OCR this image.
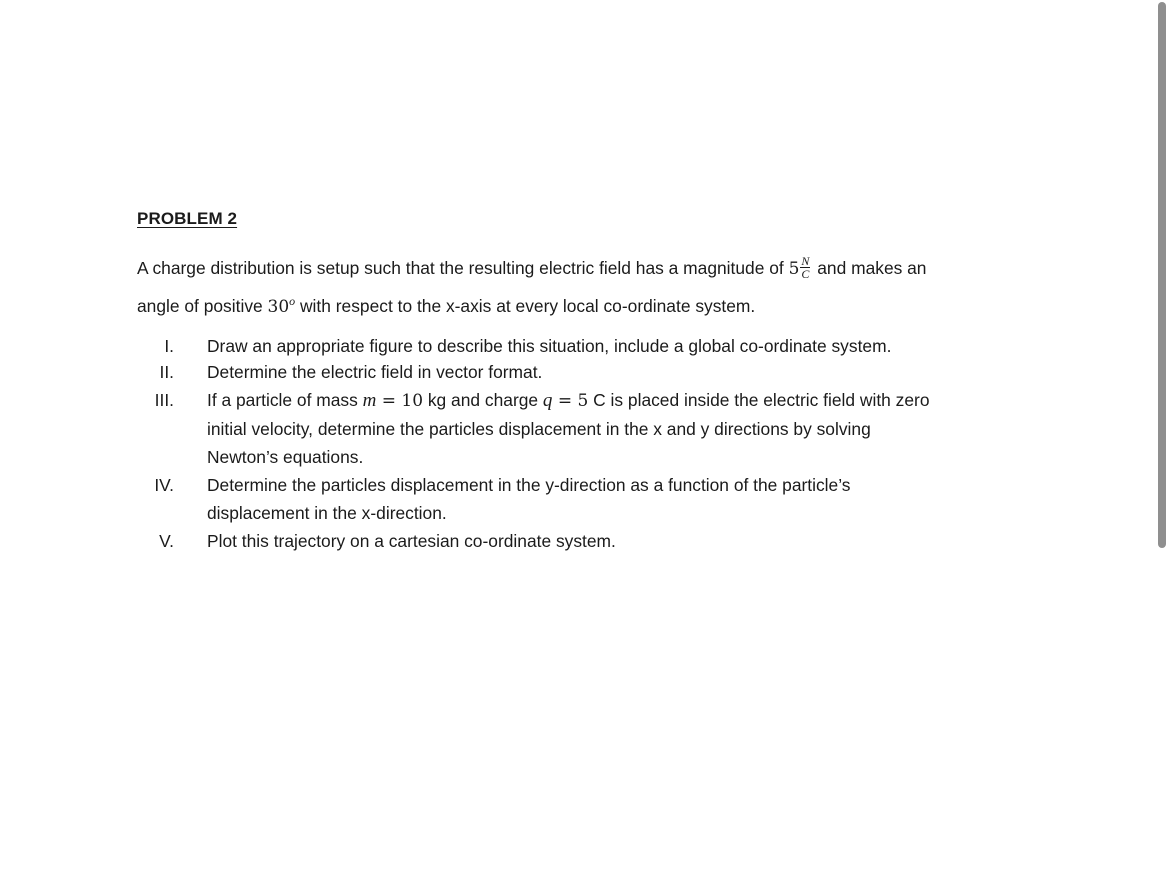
PROBLEM 2
A charge distribution is setup such that the resulting electric field has a magnitude of $5 \frac{N}{C}$ and makes an
angle of positive 30$^o$ with respect to the x-axis at every local co-ordinate system.
I. Draw an appropriate figure to describe this situation, include a global co-ordinate system.
II. Determine the electric field in vector format.
III. If a particle of mass m = 10 kg and charge q = 5 C is placed inside the electric field with zero
initial velocity, determine the particles displacement in the x and y directions by solving
Newton’s equations.
IV. Determine the particles displacement in the y-direction as a function of the particle’s
displacement in the x-direction.
V. Plot this trajectory on a cartesian co-ordinate system.
